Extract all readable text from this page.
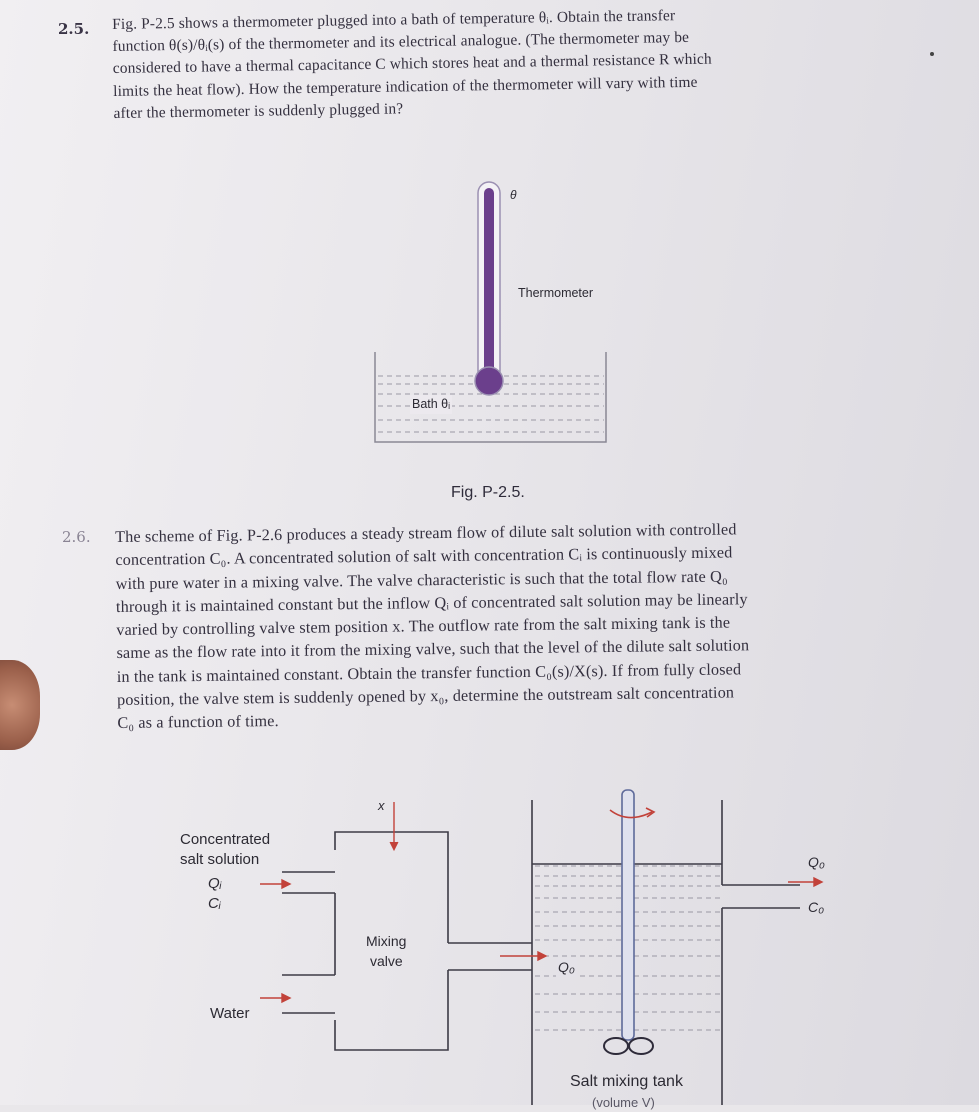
2.5. Fig. P-2.5 shows a thermometer plugged into a bath of temperature θᵢ. Obtain the transfer
function θ(s)/θᵢ(s) of the thermometer and its electrical analogue. (The thermometer may be
considered to have a thermal capacitance C which stores heat and a thermal resistance R which
limits the heat flow). How the temperature indication of the thermometer will vary with time
after the thermometer is suddenly plugged in?
θ
Thermometer
Bath θᵢ
Fig. P-2.5.
2.6. The scheme of Fig. P-2.6 produces a steady stream flow of dilute salt solution with controlled
concentration C₀. A concentrated solution of salt with concentration Cᵢ is continuously mixed
with pure water in a mixing valve. The valve characteristic is such that the total flow rate Q₀
through it is maintained constant but the inflow Qᵢ of concentrated salt solution may be linearly
varied by controlling valve stem position x. The outflow rate from the salt mixing tank is the
same as the flow rate into it from the mixing valve, such that the level of the dilute salt solution
in the tank is maintained constant. Obtain the transfer function C₀(s)/X(s). If from fully closed
position, the valve stem is suddenly opened by x₀, determine the outstream salt concentration
C₀ as a function of time.
Concentrated
salt solution
Qᵢ
Cᵢ
Water
x
Mixing
valve	Q₀
Q₀
C₀
Salt mixing tank
(volume V)
